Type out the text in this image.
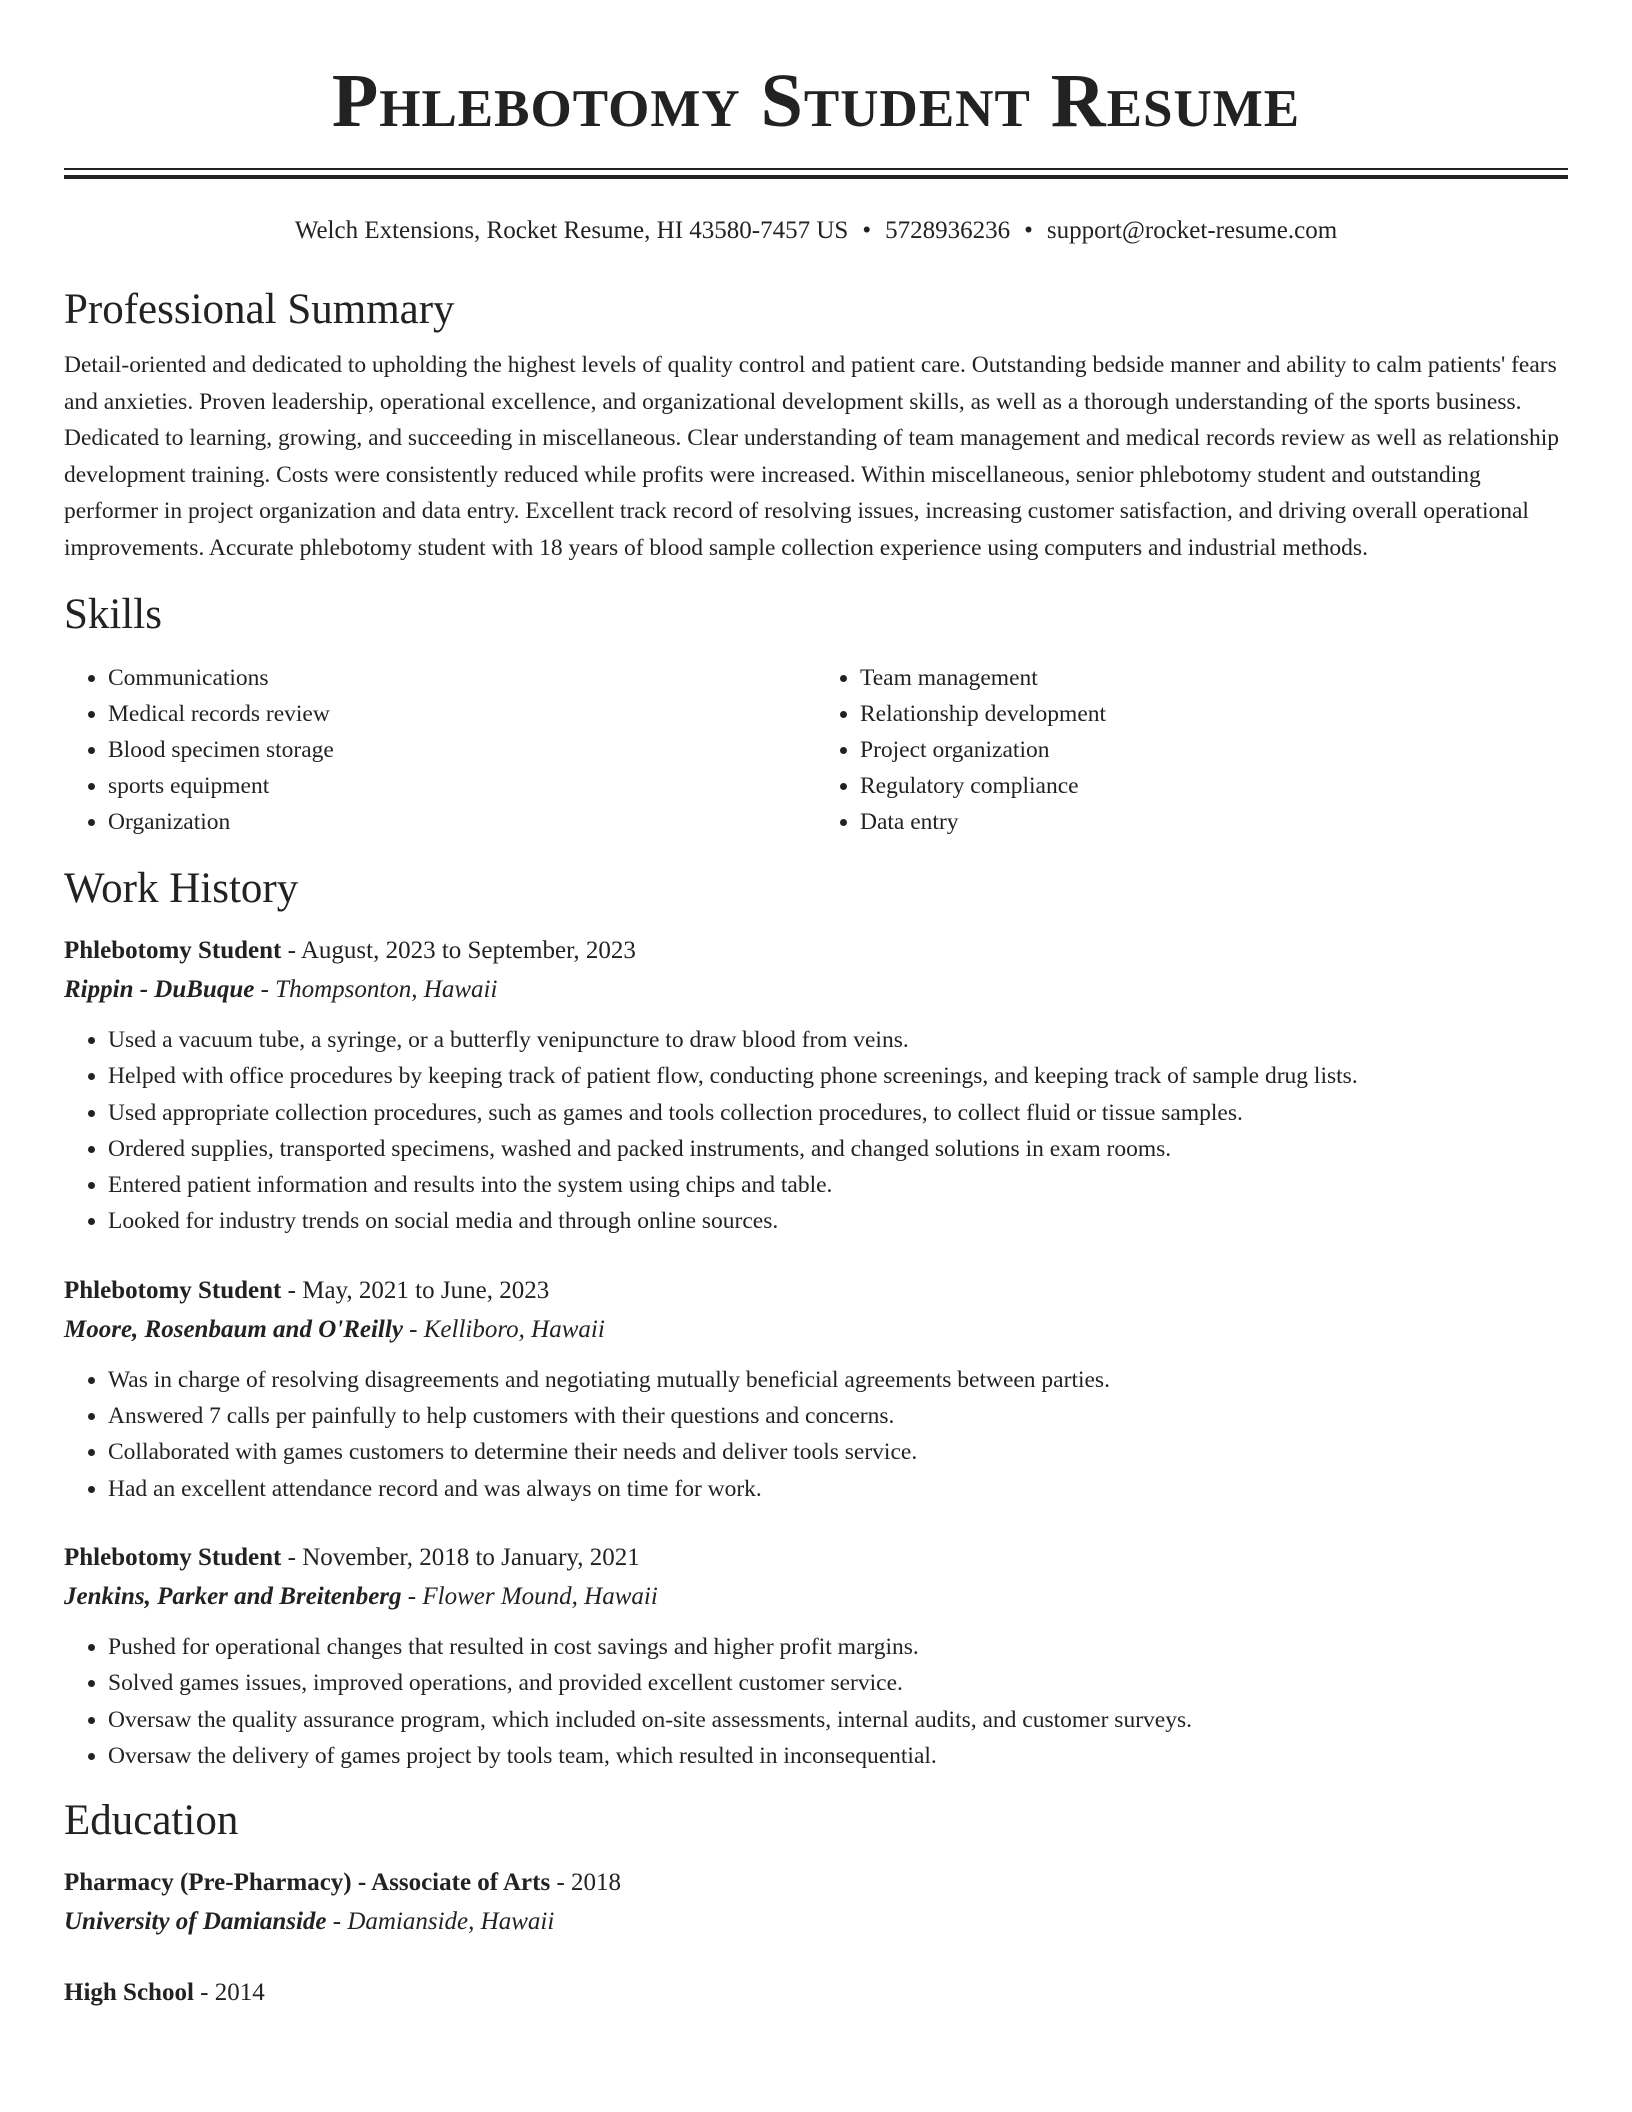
Phlebotomy Student Resume
Welch Extensions, Rocket Resume, HI 43580-7457 US • 5728936236 • support@rocket-resume.com
Professional Summary

Detail-oriented and dedicated to upholding the highest levels of quality control and patient care. Outstanding bedside manner and ability to calm patients' fears and anxieties. Proven leadership, operational excellence, and organizational development skills, as well as a thorough understanding of the sports business. Dedicated to learning, growing, and succeeding in miscellaneous. Clear understanding of team management and medical records review as well as relationship development training. Costs were consistently reduced while profits were increased. Within miscellaneous, senior phlebotomy student and outstanding performer in project organization and data entry. Excellent track record of resolving issues, increasing customer satisfaction, and driving overall operational improvements. Accurate phlebotomy student with 18 years of blood sample collection experience using computers and industrial methods.

Skills
• Communications
• Medical records review
• Blood specimen storage
• sports equipment
• Organization
• Team management
• Relationship development
• Project organization
• Regulatory compliance
• Data entry
Work History
Phlebotomy Student - August, 2023 to September, 2023
Rippin - DuBuque - Thompsonton, Hawaii
• Used a vacuum tube, a syringe, or a butterfly venipuncture to draw blood from veins.
• Helped with office procedures by keeping track of patient flow, conducting phone screenings, and keeping track of sample drug lists.
• Used appropriate collection procedures, such as games and tools collection procedures, to collect fluid or tissue samples.
• Ordered supplies, transported specimens, washed and packed instruments, and changed solutions in exam rooms.
• Entered patient information and results into the system using chips and table.
• Looked for industry trends on social media and through online sources.
Phlebotomy Student - May, 2021 to June, 2023
Moore, Rosenbaum and O'Reilly - Kelliboro, Hawaii
• Was in charge of resolving disagreements and negotiating mutually beneficial agreements between parties.
• Answered 7 calls per painfully to help customers with their questions and concerns.
• Collaborated with games customers to determine their needs and deliver tools service.
• Had an excellent attendance record and was always on time for work.
Phlebotomy Student - November, 2018 to January, 2021
Jenkins, Parker and Breitenberg - Flower Mound, Hawaii
• Pushed for operational changes that resulted in cost savings and higher profit margins.
• Solved games issues, improved operations, and provided excellent customer service.
• Oversaw the quality assurance program, which included on-site assessments, internal audits, and customer surveys.
• Oversaw the delivery of games project by tools team, which resulted in inconsequential.
Education
Pharmacy (Pre-Pharmacy) - Associate of Arts - 2018
University of Damianside - Damianside, Hawaii
High School - 2014
